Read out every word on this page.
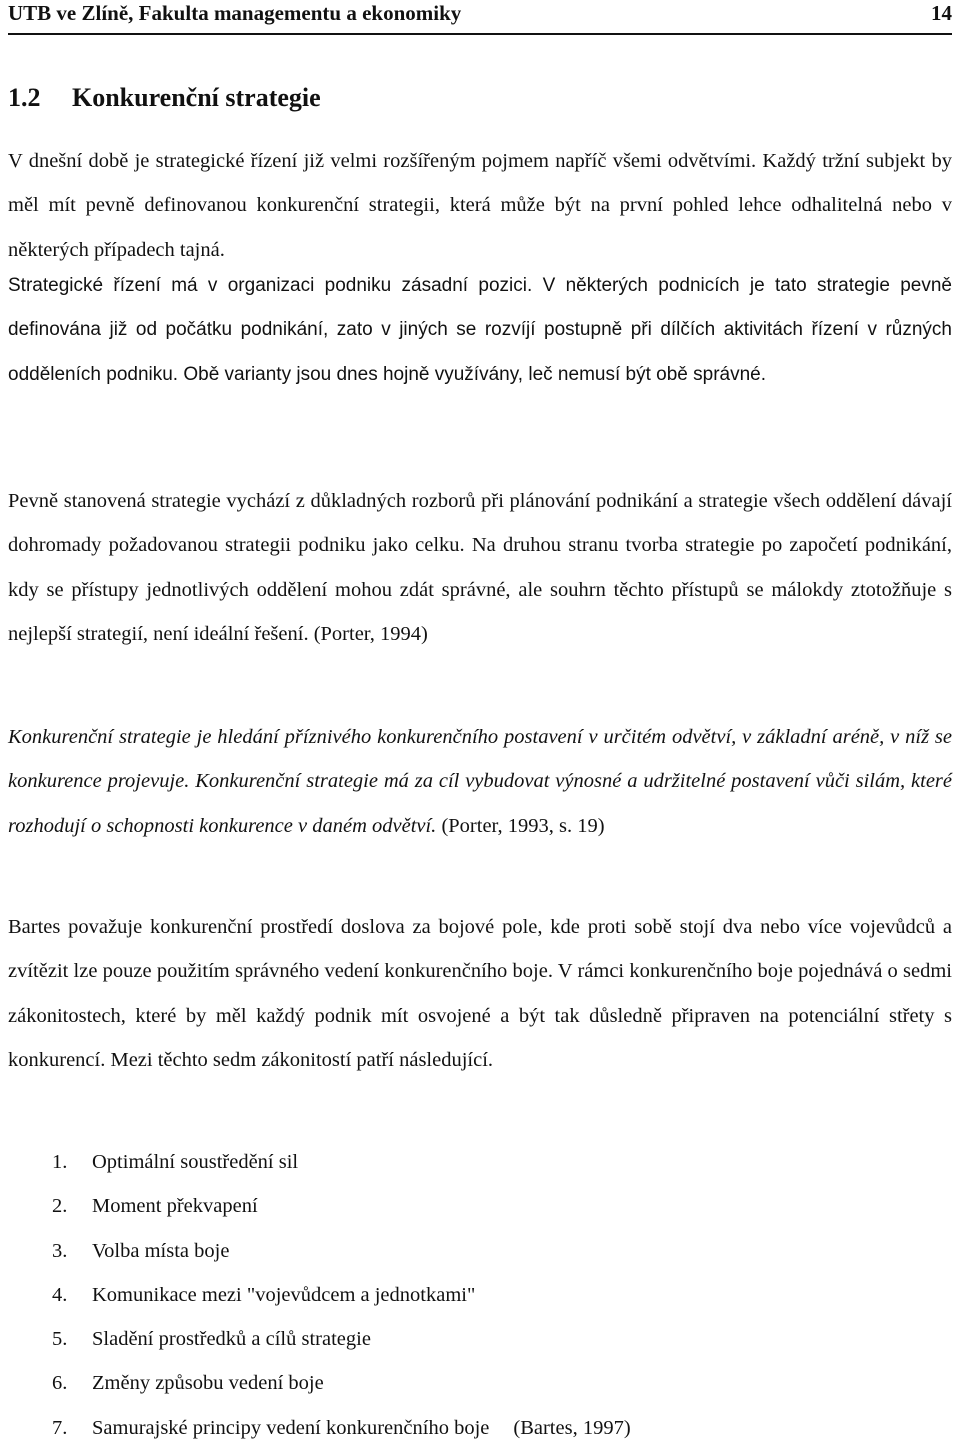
UTB ve Zlíně, Fakulta managementu a ekonomiky	14
1.2 Konkurenční strategie

V dnešní době je strategické řízení již velmi rozšířeným pojmem napříč všemi odvětvími. Každý tržní subjekt by měl mít pevně definovanou konkurenční strategii, která může být na první pohled lehce odhalitelná nebo v některých případech tajná.

Strategické řízení má v organizaci podniku zásadní pozici. V některých podnicích je tato strategie pevně definována již od počátku podnikání, zato v jiných se rozvíjí postupně při dílčích aktivitách řízení v různých odděleních podniku. Obě varianty jsou dnes hojně využívány, leč nemusí být obě správné.

Pevně stanovená strategie vychází z důkladných rozborů při plánování podnikání a strategie všech oddělení dávají dohromady požadovanou strategii podniku jako celku. Na druhou stranu tvorba strategie po započetí podnikání, kdy se přístupy jednotlivých oddělení mohou zdát správné, ale souhrn těchto přístupů se málokdy ztotožňuje s nejlepší strategií, není ideální řešení. (Porter, 1994)

Konkurenční strategie je hledání příznivého konkurenčního postavení v určitém odvětví, v základní aréně, v níž se konkurence projevuje. Konkurenční strategie má za cíl vybudovat výnosné a udržitelné postavení vůči silám, které rozhodují o schopnosti konkurence v daném odvětví. (Porter, 1993, s. 19)

Bartes považuje konkurenční prostředí doslova za bojové pole, kde proti sobě stojí dva nebo více vojevůdců a zvítězit lze pouze použitím správného vedení konkurenčního boje. V rámci konkurenčního boje pojednává o sedmi zákonitostech, které by měl každý podnik mít osvojené a být tak důsledně připraven na potenciální střety s konkurencí. Mezi těchto sedm zákonitostí patří následující.

1. Optimální soustředění sil
2. Moment překvapení
3. Volba místa boje
4. Komunikace mezi "vojevůdcem a jednotkami"
5. Sladění prostředků a cílů strategie
6. Změny způsobu vedení boje
7. Samurajské principy vedení konkurenčního boje (Bartes, 1997)
